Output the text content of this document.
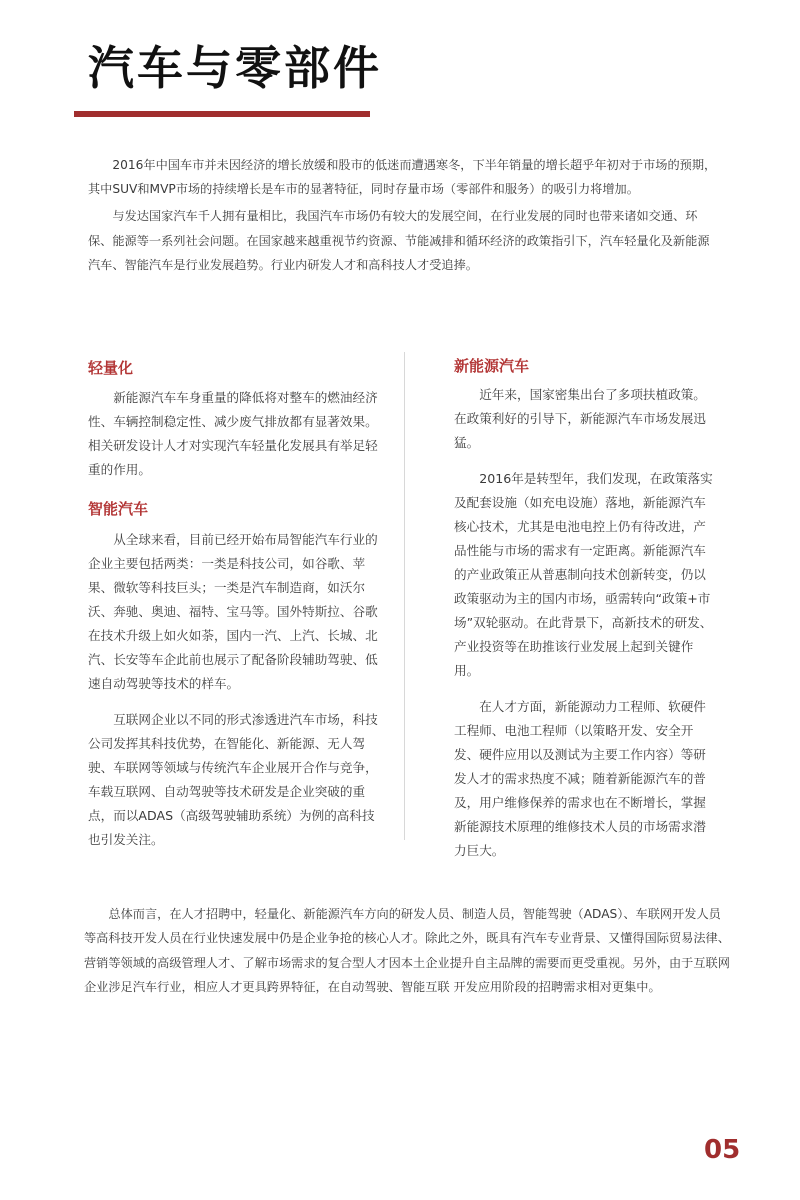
汽车与零部件

2016年中国车市并未因经济的增长放缓和股市的低迷而遭遇寒冬，下半年销量的增长超乎年初对于市场的预期，其中SUV和MVP市场的持续增长是车市的显著特征，同时存量市场（零部件和服务）的吸引力将增加。

与发达国家汽车千人拥有量相比，我国汽车市场仍有较大的发展空间，在行业发展的同时也带来诸如交通、环保、能源等一系列社会问题。在国家越来越重视节约资源、节能减排和循环经济的政策指引下，汽车轻量化及新能源汽车、智能汽车是行业发展趋势。行业内研发人才和高科技人才受追捧。

轻量化

新能源汽车车身重量的降低将对整车的燃油经济性、车辆控制稳定性、减少废气排放都有显著效果。相关研发设计人才对实现汽车轻量化发展具有举足轻重的作用。

智能汽车

从全球来看，目前已经开始布局智能汽车行业的企业主要包括两类：一类是科技公司，如谷歌、苹果、微软等科技巨头；一类是汽车制造商，如沃尔沃、奔驰、奥迪、福特、宝马等。国外特斯拉、谷歌在技术升级上如火如荼，国内一汽、上汽、长城、北汽、长安等车企此前也展示了配备阶段辅助驾驶、低速自动驾驶等技术的样车。

互联网企业以不同的形式渗透进汽车市场，科技公司发挥其科技优势，在智能化、新能源、无人驾驶、车联网等领域与传统汽车企业展开合作与竞争，车载互联网、自动驾驶等技术研发是企业突破的重点，而以ADAS（高级驾驶辅助系统）为例的高科技也引发关注。

新能源汽车

近年来，国家密集出台了多项扶植政策。在政策利好的引导下，新能源汽车市场发展迅猛。

2016年是转型年，我们发现，在政策落实及配套设施（如充电设施）落地，新能源汽车核心技术，尤其是电池电控上仍有待改进，产品性能与市场的需求有一定距离。新能源汽车的产业政策正从普惠制向技术创新转变，仍以政策驱动为主的国内市场，亟需转向“政策+市场”双轮驱动。在此背景下，高新技术的研发、产业投资等在助推该行业发展上起到关键作用。

在人才方面，新能源动力工程师、软硬件工程师、电池工程师（以策略开发、安全开发、硬件应用以及测试为主要工作内容）等研发人才的需求热度不减；随着新能源汽车的普及，用户维修保养的需求也在不断增长，掌握新能源技术原理的维修技术人员的市场需求潜力巨大。

总体而言，在人才招聘中，轻量化、新能源汽车方向的研发人员、制造人员，智能驾驶（ADAS）、车联网开发人员等高科技开发人员在行业快速发展中仍是企业争抢的核心人才。除此之外，既具有汽车专业背景、又懂得国际贸易法律、营销等领域的高级管理人才、了解市场需求的复合型人才因本土企业提升自主品牌的需要而更受重视。另外，由于互联网企业涉足汽车行业，相应人才更具跨界特征，在自动驾驶、智能互联 开发应用阶段的招聘需求相对更集中。

05
